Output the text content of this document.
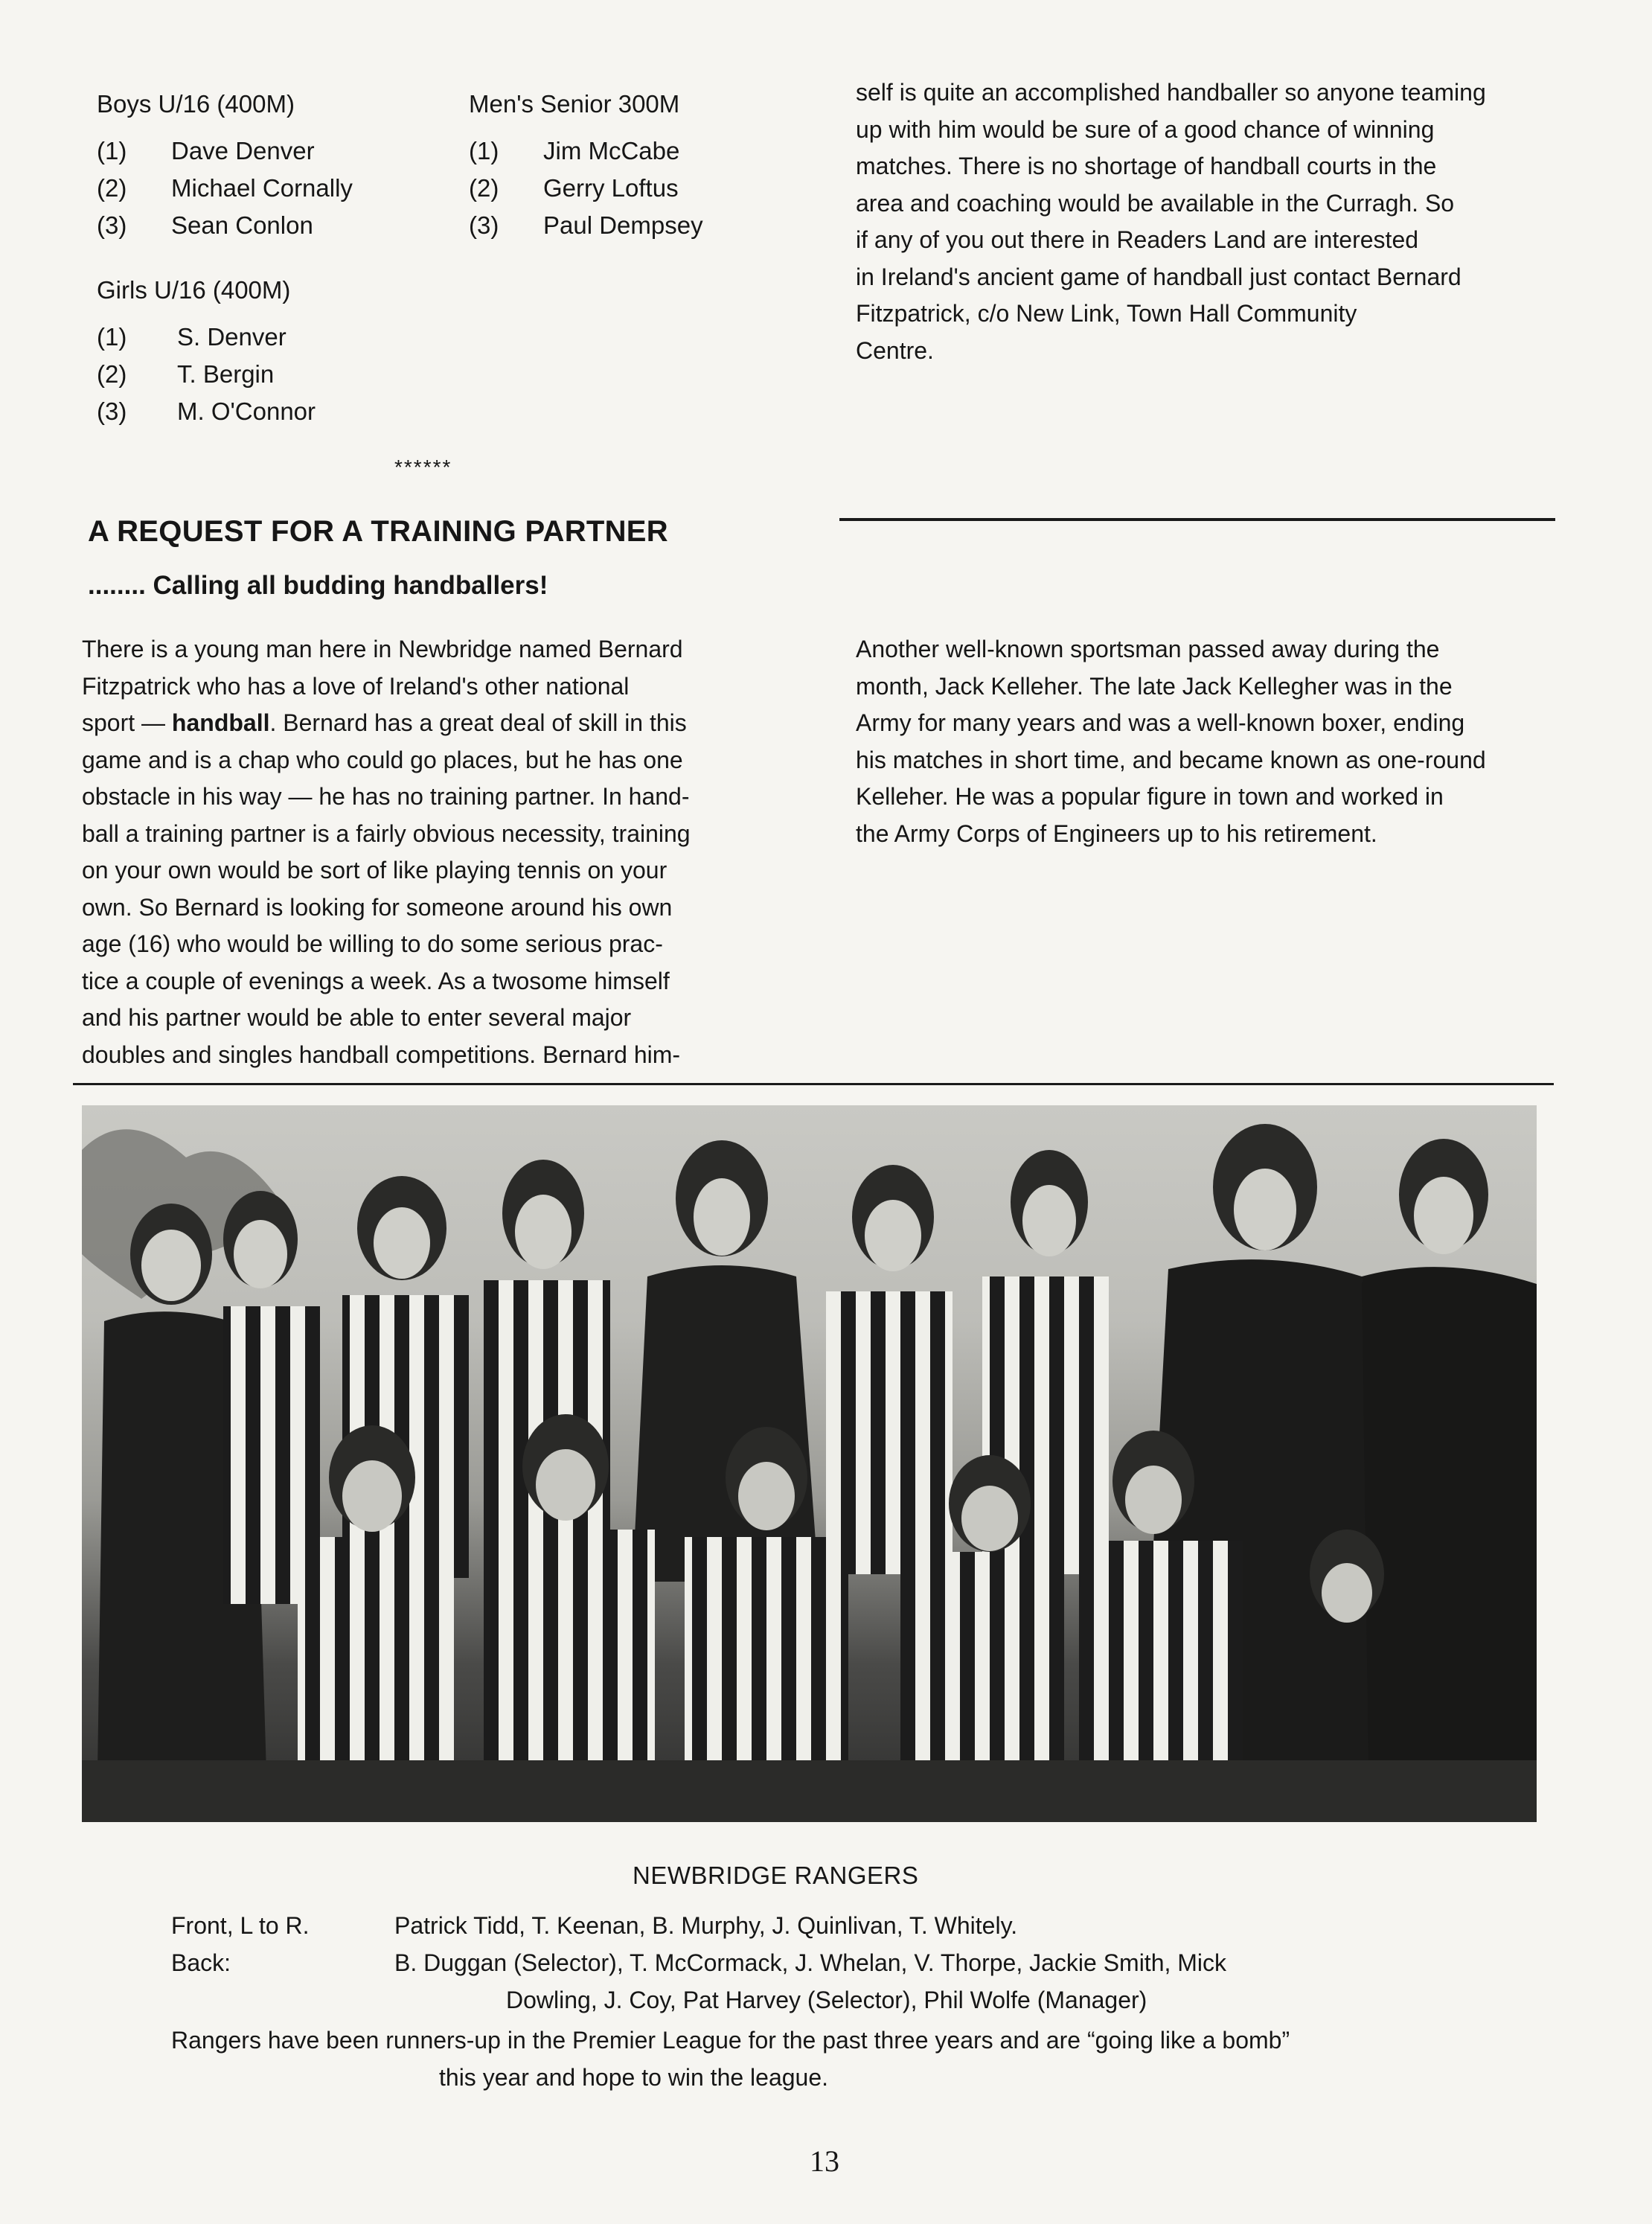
Boys U/16 (400M)
(1)	Dave Denver
(2)	Michael Cornally
(3)	Sean Conlon
Men's Senior 300M
(1)	Jim McCabe
(2)	Gerry Loftus
(3)	Paul Dempsey
Girls U/16 (400M)
(1)	S. Denver
(2)	T. Bergin
(3)	M. O'Connor
******
A REQUEST FOR A TRAINING PARTNER
........ Calling all budding handballers!

There is a young man here in Newbridge named Bernard

Fitzpatrick who has a love of Ireland's other national

sport — handball. Bernard has a great deal of skill in this

game and is a chap who could go places, but he has one

obstacle in his way — he has no training partner. In hand-

ball a training partner is a fairly obvious necessity, training

on your own would be sort of like playing tennis on your

own. So Bernard is looking for someone around his own

age (16) who would be willing to do some serious prac-

tice a couple of evenings a week. As a twosome himself

and his partner would be able to enter several major

doubles and singles handball competitions. Bernard him-

self is quite an accomplished handballer so anyone teaming

up with him would be sure of a good chance of winning

matches. There is no shortage of handball courts in the

area and coaching would be available in the Curragh. So

if any of you out there in Readers Land are interested

in Ireland's ancient game of handball just contact Bernard

Fitzpatrick, c/o New Link, Town Hall Community

Centre.

Another well-known sportsman passed away during the

month, Jack Kelleher. The late Jack Kellegher was in the

Army for many years and was a well-known boxer, ending

his matches in short time, and became known as one-round

Kelleher. He was a popular figure in town and worked in

the Army Corps of Engineers up to his retirement.

NEWBRIDGE RANGERS
Front, L to R.	Patrick Tidd, T. Keenan, B. Murphy, J. Quinlivan, T. Whitely.
Back:	B. Duggan (Selector), T. McCormack, J. Whelan, V. Thorpe, Jackie Smith, Mick
Dowling, J. Coy, Pat Harvey (Selector), Phil Wolfe (Manager)
Rangers have been runners-up in the Premier League for the past three years and are “going like a bomb”
this year and hope to win the league.
13
